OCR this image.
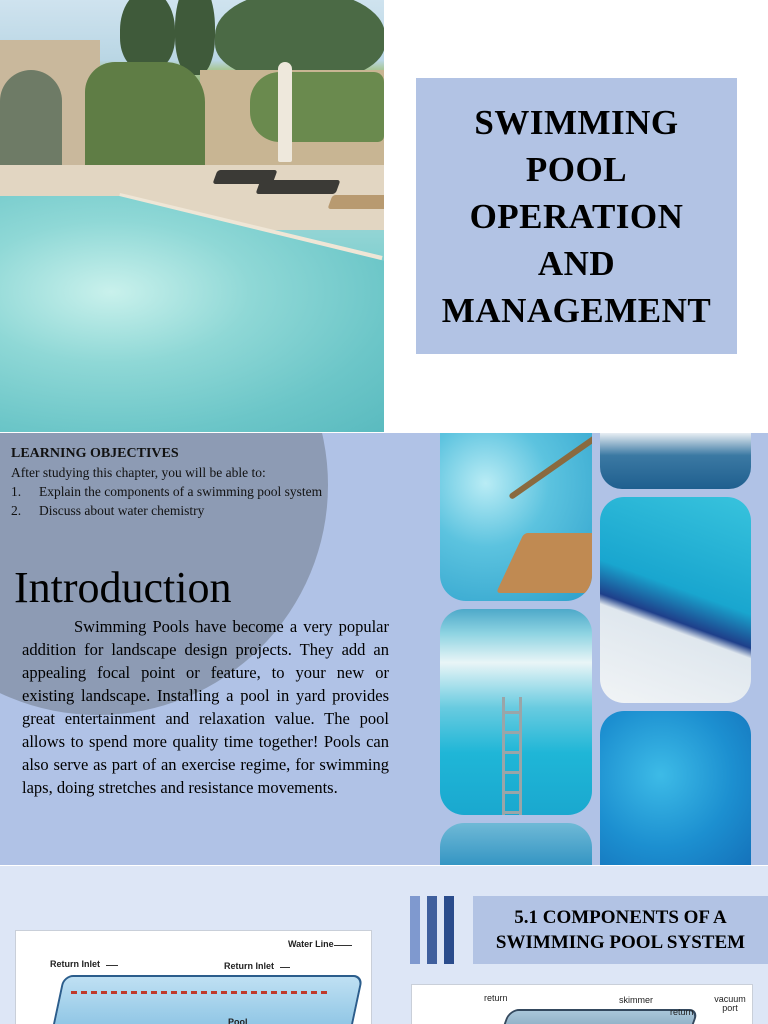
SWIMMING
POOL
OPERATION
AND
MANAGEMENT
LEARNING OBJECTIVES

After studying this chapter, you will be able to:

1.	Explain the components of a swimming pool system
2.	Discuss about water chemistry
Introduction

Swimming Pools have become a very popular addition for landscape design projects. They add an appealing focal point or feature, to your new or existing landscape. Installing a pool in yard provides great entertainment and relaxation value. The pool allows to spend more quality time together! Pools can also serve as part of an exercise regime, for swimming laps, doing stretches and resistance movements.

5.1 COMPONENTS OF A SWIMMING POOL SYSTEM
Water Line
Return Inlet	Return Inlet
Pool
return	skimmer
return
vacuum port
